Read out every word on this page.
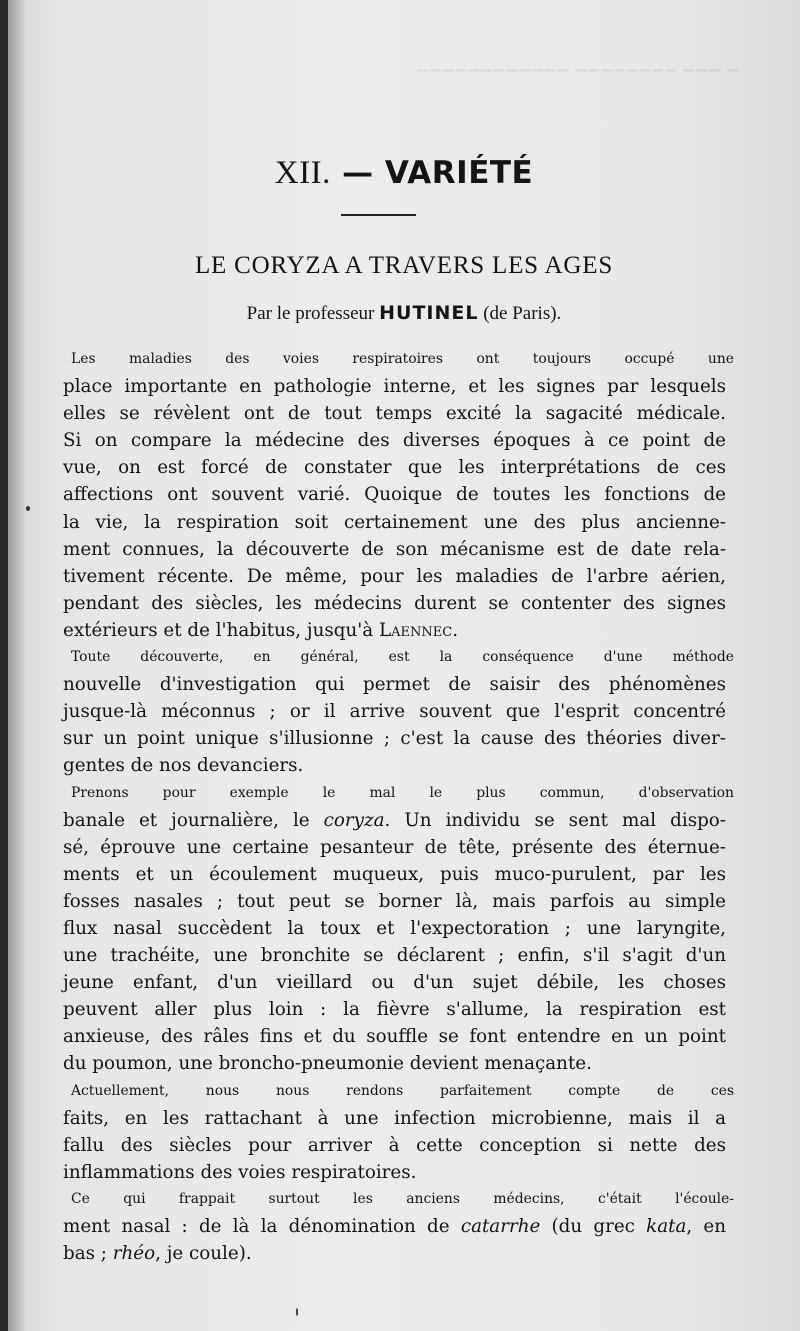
▁ ▁▁▁ ▁▁▁▁▁▁▁▁ ▁▁▁▁▁▁▁▁▁▁▁▁
XII. — VARIÉTÉ
LE CORYZA A TRAVERS LES AGES
Par le professeur HUTINEL (de Paris).
Les maladies des voies respiratoires ont toujours occupé une
place importante en pathologie interne, et les signes par lesquels
elles se révèlent ont de tout temps excité la sagacité médicale.
Si on compare la médecine des diverses époques à ce point de
vue, on est forcé de constater que les interprétations de ces
affections ont souvent varié. Quoique de toutes les fonctions de
la vie, la respiration soit certainement une des plus ancienne-
ment connues, la découverte de son mécanisme est de date rela-
tivement récente. De même, pour les maladies de l'arbre aérien,
pendant des siècles, les médecins durent se contenter des signes
extérieurs et de l'habitus, jusqu'à Laennec.
Toute découverte, en général, est la conséquence d'une méthode
nouvelle d'investigation qui permet de saisir des phénomènes
jusque-là méconnus ; or il arrive souvent que l'esprit concentré
sur un point unique s'illusionne ; c'est la cause des théories diver-
gentes de nos devanciers.
Prenons pour exemple le mal le plus commun, d'observation
banale et journalière, le coryza. Un individu se sent mal dispo-
sé, éprouve une certaine pesanteur de tête, présente des éternue-
ments et un écoulement muqueux, puis muco-purulent, par les
fosses nasales ; tout peut se borner là, mais parfois au simple
flux nasal succèdent la toux et l'expectoration ; une laryngite,
une trachéite, une bronchite se déclarent ; enfin, s'il s'agit d'un
jeune enfant, d'un vieillard ou d'un sujet débile, les choses
peuvent aller plus loin : la fièvre s'allume, la respiration est
anxieuse, des râles fins et du souffle se font entendre en un point
du poumon, une broncho-pneumonie devient menaçante.
Actuellement, nous nous rendons parfaitement compte de ces
faits, en les rattachant à une infection microbienne, mais il a
fallu des siècles pour arriver à cette conception si nette des
inflammations des voies respiratoires.
Ce qui frappait surtout les anciens médecins, c'était l'écoule-
ment nasal : de là la dénomination de catarrhe (du grec kata, en
bas ; rhéo, je coule).
